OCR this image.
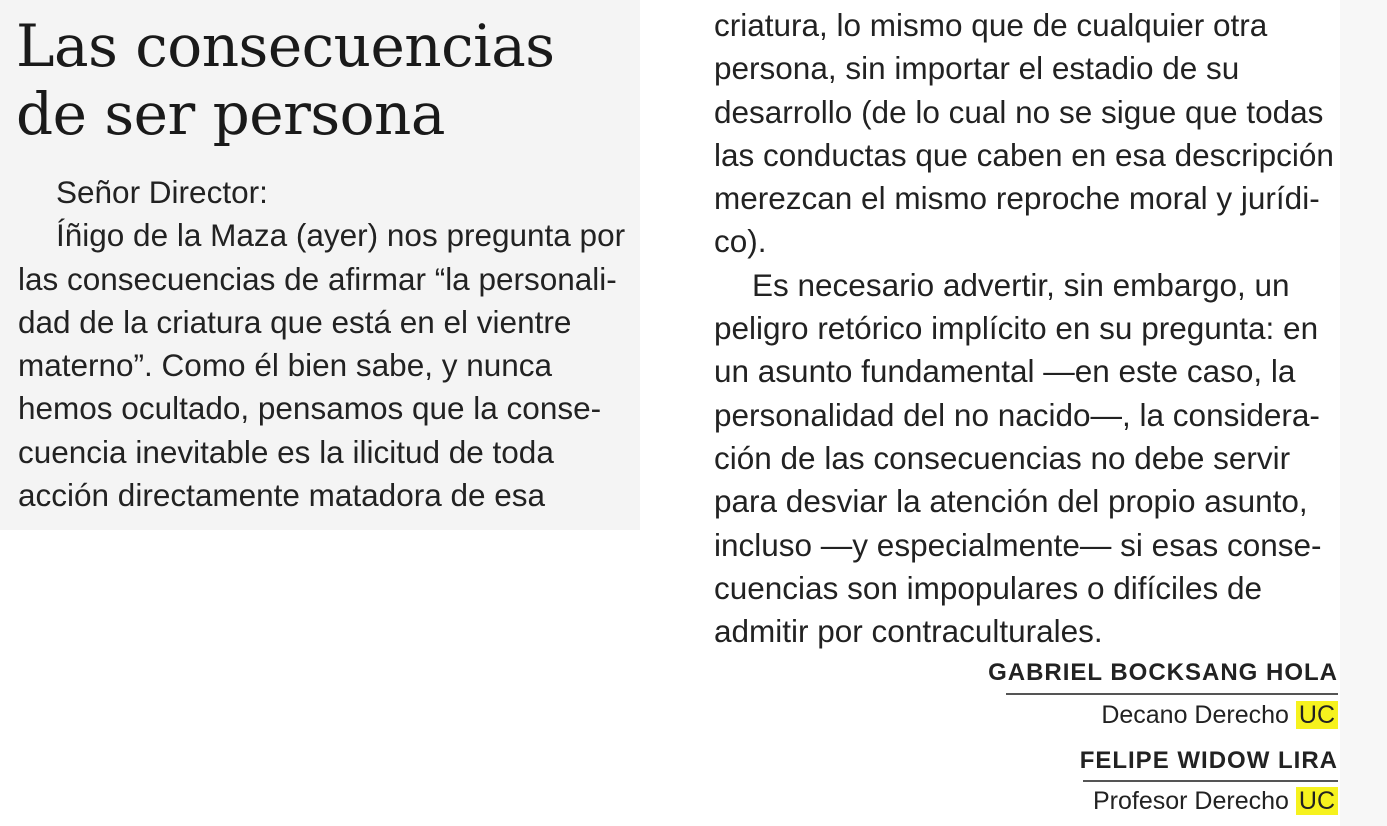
Las consecuencias
de ser persona
Señor Director:
Íñigo de la Maza (ayer) nos pregunta por
las consecuencias de afirmar “la personali-
dad de la criatura que está en el vientre
materno”. Como él bien sabe, y nunca
hemos ocultado, pensamos que la conse-
cuencia inevitable es la ilicitud de toda
acción directamente matadora de esa
criatura, lo mismo que de cualquier otra
persona, sin importar el estadio de su
desarrollo (de lo cual no se sigue que todas
las conductas que caben en esa descripción
merezcan el mismo reproche moral y jurídi-
co).
Es necesario advertir, sin embargo, un
peligro retórico implícito en su pregunta: en
un asunto fundamental —en este caso, la
personalidad del no nacido—, la considera-
ción de las consecuencias no debe servir
para desviar la atención del propio asunto,
incluso —y especialmente— si esas conse-
cuencias son impopulares o difíciles de
admitir por contraculturales.
GABRIEL BOCKSANG HOLA
Decano Derecho UC
FELIPE WIDOW LIRA
Profesor Derecho UC
